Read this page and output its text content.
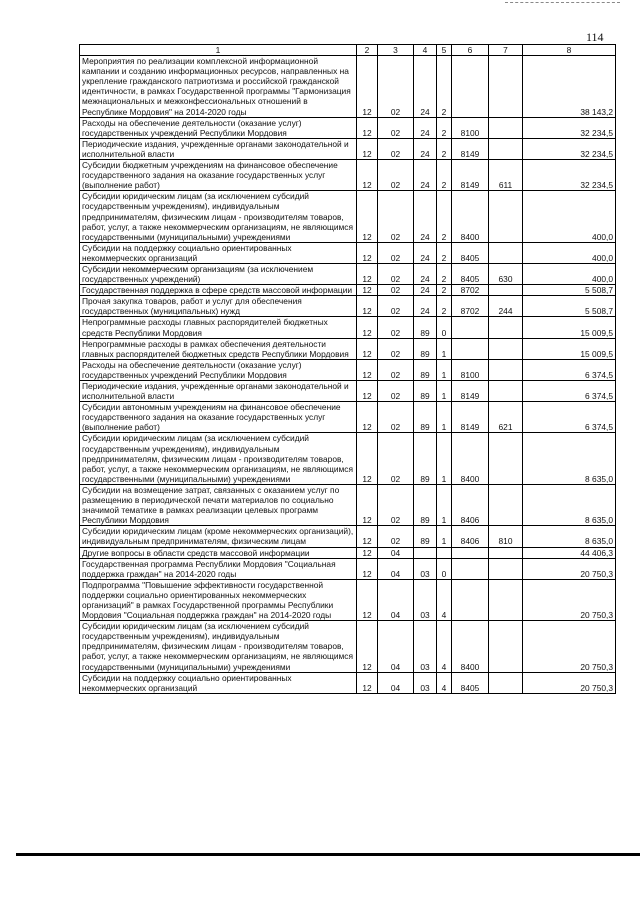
114
1	2	3	4	5	6	7	8
Мероприятия по реализации комплексной информационной кампании и созданию информационных ресурсов, направленных на укрепление гражданского патриотизма и российской гражданской идентичности, в рамках Государственной программы "Гармонизация межнациональных и межконфессиональных отношений в Республике Мордовия" на 2014-2020 годы	12	02	24	2			38 143,2
Расходы на обеспечение деятельности (оказание услуг) государственных учреждений Республики Мордовия	12	02	24	2	8100		32 234,5
Периодические издания, учрежденные органами законодательной и исполнительной власти	12	02	24	2	8149		32 234,5
Субсидии бюджетным учреждениям на финансовое обеспечение государственного задания на оказание государственных услуг (выполнение работ)	12	02	24	2	8149	611	32 234,5
Субсидии юридическим лицам (за исключением субсидий государственным учреждениям), индивидуальным предпринимателям, физическим лицам - производителям товаров, работ, услуг, а также некоммерческим организациям, не являющимся государственными (муниципальными) учреждениями	12	02	24	2	8400		400,0
Субсидии на поддержку социально ориентированных некоммерческих организаций	12	02	24	2	8405		400,0
Субсидии некоммерческим организациям (за исключением государственных учреждений)	12	02	24	2	8405	630	400,0
Государственная поддержка в сфере средств массовой информации	12	02	24	2	8702		5 508,7
Прочая закупка товаров, работ и услуг для обеспечения государственных (муниципальных) нужд	12	02	24	2	8702	244	5 508,7
Непрограммные расходы главных распорядителей бюджетных средств Республики Мордовия	12	02	89	0			15 009,5
Непрограммные расходы в рамках обеспечения деятельности главных распорядителей бюджетных средств Республики Мордовия	12	02	89	1			15 009,5
Расходы на обеспечение деятельности (оказание услуг) государственных учреждений Республики Мордовия	12	02	89	1	8100		6 374,5
Периодические издания, учрежденные органами законодательной и исполнительной власти	12	02	89	1	8149		6 374,5
Субсидии автономным учреждениям на финансовое обеспечение государственного задания на оказание государственных услуг (выполнение работ)	12	02	89	1	8149	621	6 374,5
Субсидии юридическим лицам (за исключением субсидий государственным учреждениям), индивидуальным предпринимателям, физическим лицам - производителям товаров, работ, услуг, а также некоммерческим организациям, не являющимся государственными (муниципальными) учреждениями	12	02	89	1	8400		8 635,0
Субсидии на возмещение затрат, связанных с оказанием услуг по размещению в периодической печати материалов по социально значимой тематике в рамках реализации целевых программ Республики Мордовия	12	02	89	1	8406		8 635,0
Субсидии юридическим лицам (кроме некоммерческих организаций), индивидуальным предпринимателям, физическим лицам	12	02	89	1	8406	810	8 635,0
Другие вопросы в области средств массовой информации	12	04					44 406,3
Государственная программа Республики Мордовия "Социальная поддержка граждан" на 2014-2020 годы	12	04	03	0			20 750,3
Подпрограмма "Повышение эффективности государственной поддержки социально ориентированных некоммерческих организаций" в рамках Государственной программы Республики Мордовия "Социальная поддержка граждан" на 2014-2020 годы	12	04	03	4			20 750,3
Субсидии юридическим лицам (за исключением субсидий государственным учреждениям), индивидуальным предпринимателям, физическим лицам - производителям товаров, работ, услуг, а также некоммерческим организациям, не являющимся государственными (муниципальными) учреждениями	12	04	03	4	8400		20 750,3
Субсидии на поддержку социально ориентированных некоммерческих организаций	12	04	03	4	8405		20 750,3
